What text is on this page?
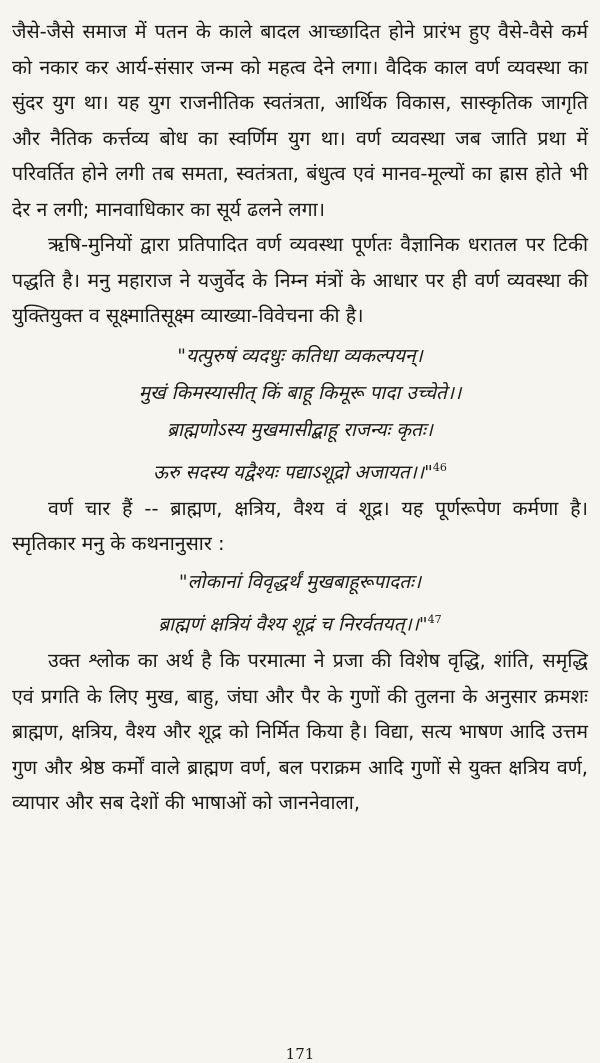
जैसे-जैसे समाज में पतन के काले बादल आच्छादित होने प्रारंभ हुए वैसे-वैसे कर्म को नकार कर आर्य-संसार जन्म को महत्व देने लगा। वैदिक काल वर्ण व्यवस्था का सुंदर युग था। यह युग राजनीतिक स्वतंत्रता, आर्थिक विकास, सास्कृतिक जागृति और नैतिक कर्त्तव्य बोध का स्वर्णिम युग था। वर्ण व्यवस्था जब जाति प्रथा में परिवर्तित होने लगी तब समता, स्वतंत्रता, बंधुत्व एवं मानव-मूल्यों का ह्रास होते भी देर न लगी; मानवाधिकार का सूर्य ढलने लगा।

ऋषि-मुनियों द्वारा प्रतिपादित वर्ण व्यवस्था पूर्णतः वैज्ञानिक धरातल पर टिकी पद्धति है। मनु महाराज ने यजुर्वेद के निम्न मंत्रों के आधार पर ही वर्ण व्यवस्था की युक्तियुक्त व सूक्ष्मातिसूक्ष्म व्याख्या-विवेचना की है।

"यत्पुरुषं व्यदधुः कतिधा व्यकल्पयन्।

मुखं किमस्यासीत् किं बाहू किमूरू पादा उच्चेते।।

ब्राह्मणोऽस्य मुखमासीद्बाहू राजन्यः कृतः।

ऊरु सदस्य यद्वैश्यः पद्याऽशूद्रो अजायत।।"$^{46}$

वर्ण चार हैं -- ब्राह्मण, क्षत्रिय, वैश्य वं शूद्र। यह पूर्णरूपेण कर्मणा है। स्मृतिकार मनु के कथनानुसार :

"लोकानां विवृद्धर्थं मुखबाहूरूपादतः।

ब्राह्मणं क्षत्रियं वैश्य शूद्रं च निरर्वतयत्।।"$^{47}$

उक्त श्लोक का अर्थ है कि परमात्मा ने प्रजा की विशेष वृद्धि, शांति, समृद्धि एवं प्रगति के लिए मुख, बाहु, जंघा और पैर के गुणों की तुलना के अनुसार क्रमशः ब्राह्मण, क्षत्रिय, वैश्य और शूद्र को निर्मित किया है। विद्या, सत्य भाषण आदि उत्तम गुण और श्रेष्ठ कर्मों वाले ब्राह्मण वर्ण, बल पराक्रम आदि गुणों से युक्त क्षत्रिय वर्ण, व्यापार और सब देशों की भाषाओं को जाननेवाला,

171
